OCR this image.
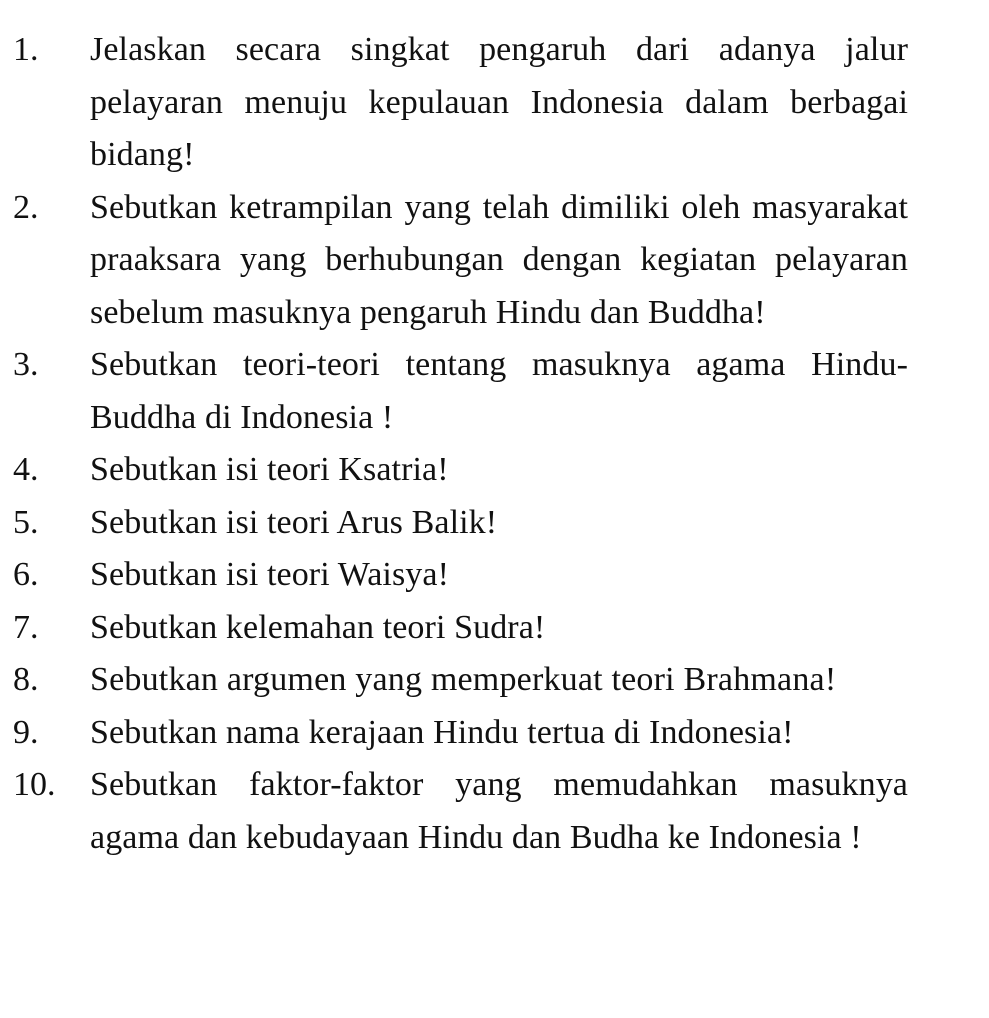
1.	Jelaskan secara singkat pengaruh dari adanya jalur pelayaran menuju kepulauan Indonesia dalam berbagai bidang!
2.	Sebutkan ketrampilan yang telah dimiliki oleh masyarakat praaksara yang berhubungan dengan kegiatan pelayaran sebelum masuknya pengaruh Hindu dan Buddha!
3.	Sebutkan teori-teori tentang masuknya agama Hindu-Buddha di Indonesia !
4.	Sebutkan isi teori Ksatria!
5.	Sebutkan isi teori Arus Balik!
6.	Sebutkan isi teori Waisya!
7.	Sebutkan kelemahan teori Sudra!
8.	Sebutkan argumen yang memperkuat teori Brahmana!
9.	Sebutkan nama kerajaan Hindu tertua di Indonesia!
10.	Sebutkan faktor-faktor yang memudahkan masuknya agama dan kebudayaan Hindu dan Budha ke Indonesia !
